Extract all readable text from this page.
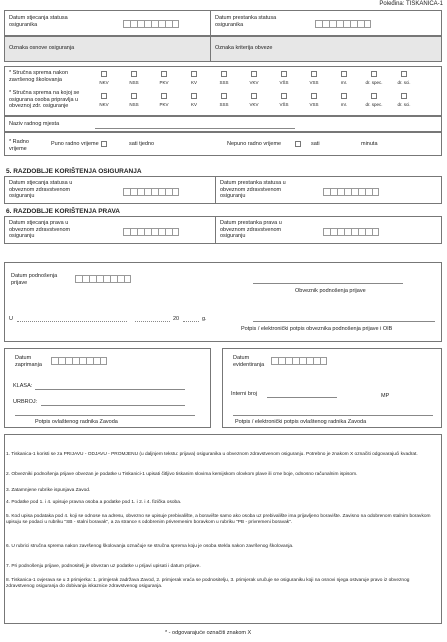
Poleđina: TISKANICA-1
Datum stjecanja statusa osiguranika
Datum prestanka statusa osiguranika
Oznaka osnove osiguranja	Oznaka kriterija obveze
* Stručna sprema nakon završenog školovanja
* Stručna sprema na kojoj se osigurana osoba pripravlja u obveznoj zdr. osiguranje
NKV	NSS	PKV	KV	SSS	VKV	VŠS	VSS	mr.	dr. spec.	dr. sci.
NKV	NSS	PKV	KV	SSS	VKV	VŠS	VSS	mr.	dr. spec.	dr. sci.
Naziv radnog mjesta
* Radno vrijeme
Puno radno vrijeme	sati tjedno	Nepuno radno vrijeme	sati	minuta
5. RAZDOBLJE KORIŠTENJA OSIGURANJA
Datum stjecanja statusa u obveznom zdravstvenom osiguranju
Datum prestanka statusa u obveznom zdravstvenom osiguranju
6. RAZDOBLJE KORIŠTENJA PRAVA
Datum stjecanja prava u obveznom zdravstvenom osiguranju
Datum prestanka prava u obveznom zdravstvenom osiguranju
Datum podnošenja prijave
Obveznik podnošenja prijave
U	20	g.
Potpis / elektronički potpis obveznika podnošenja prijave i OIB
Datum zaprimanja
KLASA:
URBROJ:
Potpis ovlaštenog radnika Zavoda
Datum evidentiranja
Interni broj	MP
Potpis / elektronički potpis ovlaštenog radnika Zavoda
1. Tiskanica-1 koristi se za PRIJAVU - ODJAVU - PROMJENU (u daljnjem tekstu: prijava) osiguranika u obveznom zdravstvenom osiguranju. Potrebno je znakom X označiti odgovarajući kvadrat.
2. Obvezniki podnošenja prijave obvezan je podatke u Tiskanici-1 upisati čitljivo tiskanim slovima kemijskom olovkom plave ili crne boje, odnosno računalnim ispisom.
3. Zatamnjene rubrike ispunjava Zavod.
4. Podatke pod 1. i 4. upisuje pravna osoba a podatke pod 1. i 2. i 4. fizička osoba.
5. Kod upisa podataka pod 4. koji se odnose na adresu, obvezno se upisuje prebivalište, a boravište samo ako osoba uz prebivalište ima prijavljeno boravište. Zavisno na odobrenom stalnim boravkom upisuju se podaci u rubriku "SB - stalni boravak", a za strance s odobrenim privremenim boravkom u rubriku "PB - privremeni boravak".
6. U rubrici stručna sprema nakon završenog školovanja označuje se stručna sprema koju je osoba stekla nakon završenog školovanja.
7. Pri podnošenju prijave, podnositelj je obvezan uz podatke u prijavi upisati i datum prijave.
8. Tiskanica-1 ovjerava se u 3 primjerka: 1. primjerak zadržava Zavod, 2. primjerak vraća se podnositelju, 3. primjerak uručuje se osiguraniku koji na osnovi njega ostvaruje pravo iz obveznog zdravstvenog osiguranja do dobivanja iskaznice zdravstvenog osiguranja.
* - odgovarajuće označiti znakom X
